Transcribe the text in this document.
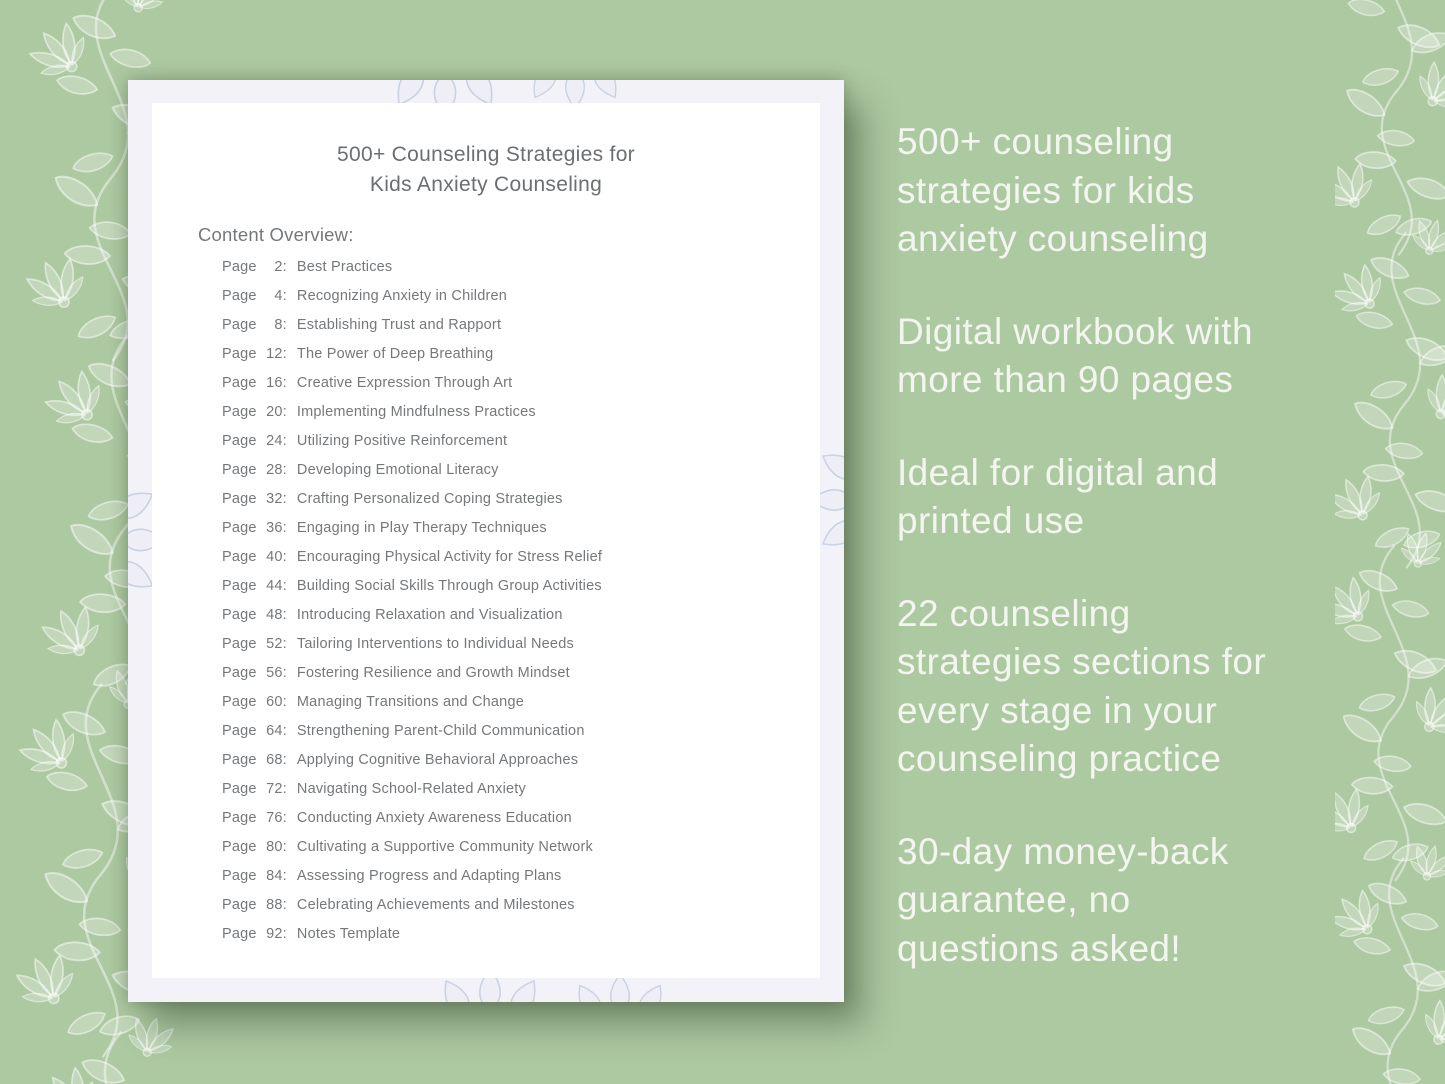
500+ Counseling Strategies for
Kids Anxiety Counseling
Content Overview:
Page 2: Best Practices
Page 4: Recognizing Anxiety in Children
Page 8: Establishing Trust and Rapport
Page 12: The Power of Deep Breathing
Page 16: Creative Expression Through Art
Page 20: Implementing Mindfulness Practices
Page 24: Utilizing Positive Reinforcement
Page 28: Developing Emotional Literacy
Page 32: Crafting Personalized Coping Strategies
Page 36: Engaging in Play Therapy Techniques
Page 40: Encouraging Physical Activity for Stress Relief
Page 44: Building Social Skills Through Group Activities
Page 48: Introducing Relaxation and Visualization
Page 52: Tailoring Interventions to Individual Needs
Page 56: Fostering Resilience and Growth Mindset
Page 60: Managing Transitions and Change
Page 64: Strengthening Parent-Child Communication
Page 68: Applying Cognitive Behavioral Approaches
Page 72: Navigating School-Related Anxiety
Page 76: Conducting Anxiety Awareness Education
Page 80: Cultivating a Supportive Community Network
Page 84: Assessing Progress and Adapting Plans
Page 88: Celebrating Achievements and Milestones
Page 92: Notes Template

500+ counseling
strategies for kids
anxiety counseling

Digital workbook with
more than 90 pages

Ideal for digital and
printed use

22 counseling
strategies sections for
every stage in your
counseling practice

30-day money-back
guarantee, no
questions asked!
